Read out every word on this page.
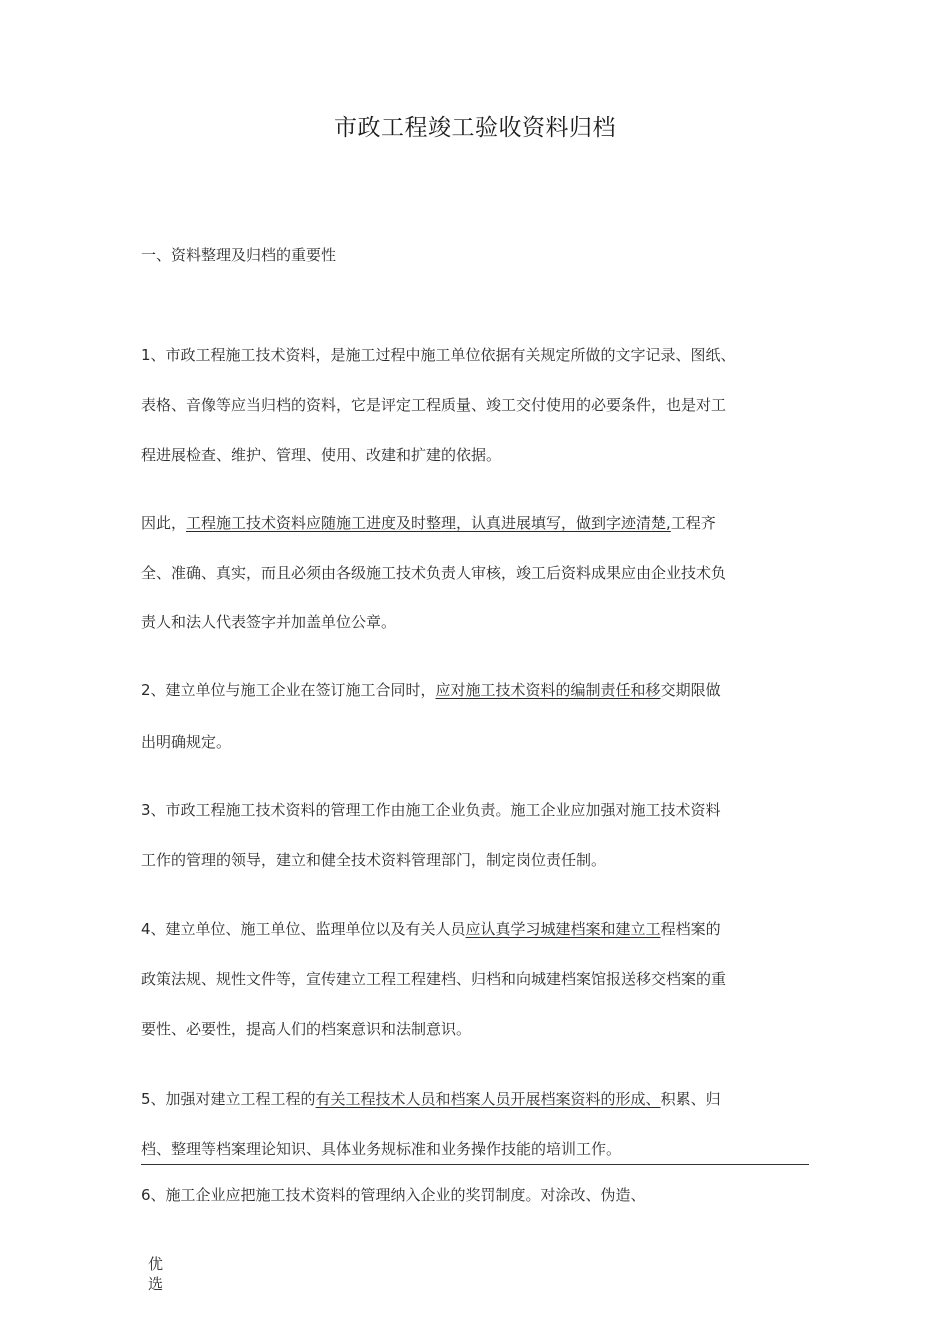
市政工程竣工验收资料归档
一、资料整理及归档的重要性
1、市政工程施工技术资料，是施工过程中施工单位依据有关规定所做的文字记录、图纸、
表格、音像等应当归档的资料，它是评定工程质量、竣工交付使用的必要条件，也是对工
程进展检查、维护、管理、使用、改建和扩建的依据。
因此，工程施工技术资料应随施工进度及时整理，认真进展填写，做到字迹清楚,工程齐
全、准确、真实，而且必须由各级施工技术负责人审核，竣工后资料成果应由企业技术负
责人和法人代表签字并加盖单位公章。
2、建立单位与施工企业在签订施工合同时，应对施工技术资料的编制责任和移交期限做
出明确规定。
3、市政工程施工技术资料的管理工作由施工企业负责。施工企业应加强对施工技术资料
工作的管理的领导，建立和健全技术资料管理部门，制定岗位责任制。
4、建立单位、施工单位、监理单位以及有关人员应认真学习城建档案和建立工程档案的
政策法规、规性文件等，宣传建立工程工程建档、归档和向城建档案馆报送移交档案的重
要性、必要性，提高人们的档案意识和法制意识。
5、加强对建立工程工程的有关工程技术人员和档案人员开展档案资料的形成、积累、归
档、整理等档案理论知识、具体业务规标准和业务操作技能的培训工作。
6、施工企业应把施工技术资料的管理纳入企业的奖罚制度。对涂改、伪造、
优选
